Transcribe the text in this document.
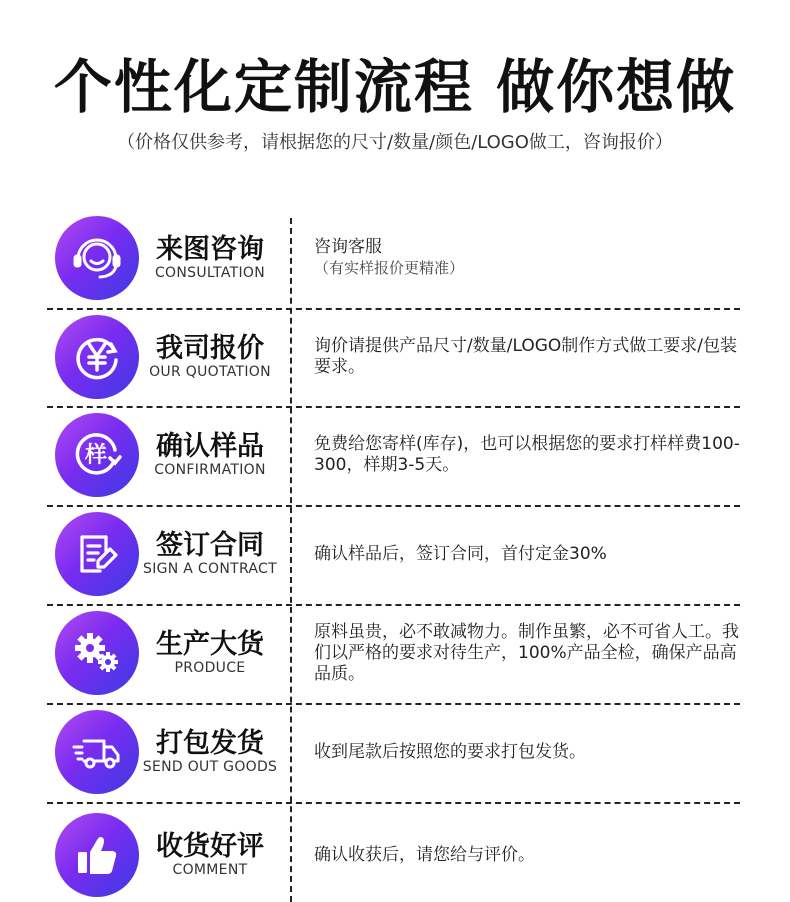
个性化定制流程 做你想做
（价格仅供参考，请根据您的尺寸/数量/颜色/LOGO做工，咨询报价）
来图咨询
CONSULTATION
咨询客服
（有实样报价更精准）
我司报价
OUR QUOTATION
询价请提供产品尺寸/数量/LOGO制作方式做工要求/包装要求。
样	确认样品
CONFIRMATION
免费给您寄样(库存)，也可以根据您的要求打样样费100-300，样期3-5天。
签订合同
SIGN A CONTRACT
确认样品后，签订合同，首付定金30%
生产大货
PRODUCE
原料虽贵，必不敢减物力。制作虽繁，必不可省人工。我们以严格的要求对待生产，100%产品全检，确保产品高品质。
打包发货
SEND OUT GOODS
收到尾款后按照您的要求打包发货。
收货好评
COMMENT
确认收获后，请您给与评价。
